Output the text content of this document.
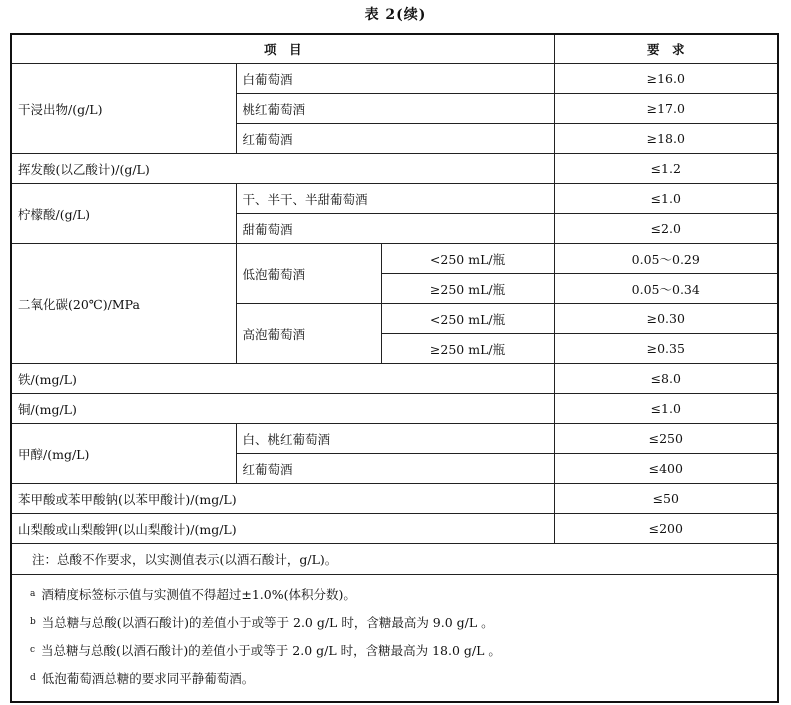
表 2(续)
项　目			要　求
干浸出物/(g/L)	白葡萄酒		≥16.0
	桃红葡萄酒		≥17.0
	红葡萄酒		≥18.0
挥发酸(以乙酸计)/(g/L)			≤1.2
柠檬酸/(g/L)	干、半干、半甜葡萄酒		≤1.0
	甜葡萄酒		≤2.0
二氧化碳(20℃)/MPa	低泡葡萄酒	<250 mL/瓶	0.05～0.29
		≥250 mL/瓶	0.05～0.34
	高泡葡萄酒	<250 mL/瓶	≥0.30
		≥250 mL/瓶	≥0.35
铁/(mg/L)			≤8.0
铜/(mg/L)			≤1.0
甲醇/(mg/L)	白、桃红葡萄酒		≤250
	红葡萄酒		≤400
苯甲酸或苯甲酸钠(以苯甲酸计)/(mg/L)			≤50
山梨酸或山梨酸钾(以山梨酸计)/(mg/L)			≤200
注：总酸不作要求，以实测值表示(以酒石酸计，g/L)。			

$^a$ 酒精度标签标示值与实测值不得超过±1.0%(体积分数)。
$^b$ 当总糖与总酸(以酒石酸计)的差值小于或等于 2.0 g/L 时，含糖最高为 9.0 g/L 。
$^c$ 当总糖与总酸(以酒石酸计)的差值小于或等于 2.0 g/L 时，含糖最高为 18.0 g/L 。
$^d$ 低泡葡萄酒总糖的要求同平静葡萄酒。			
